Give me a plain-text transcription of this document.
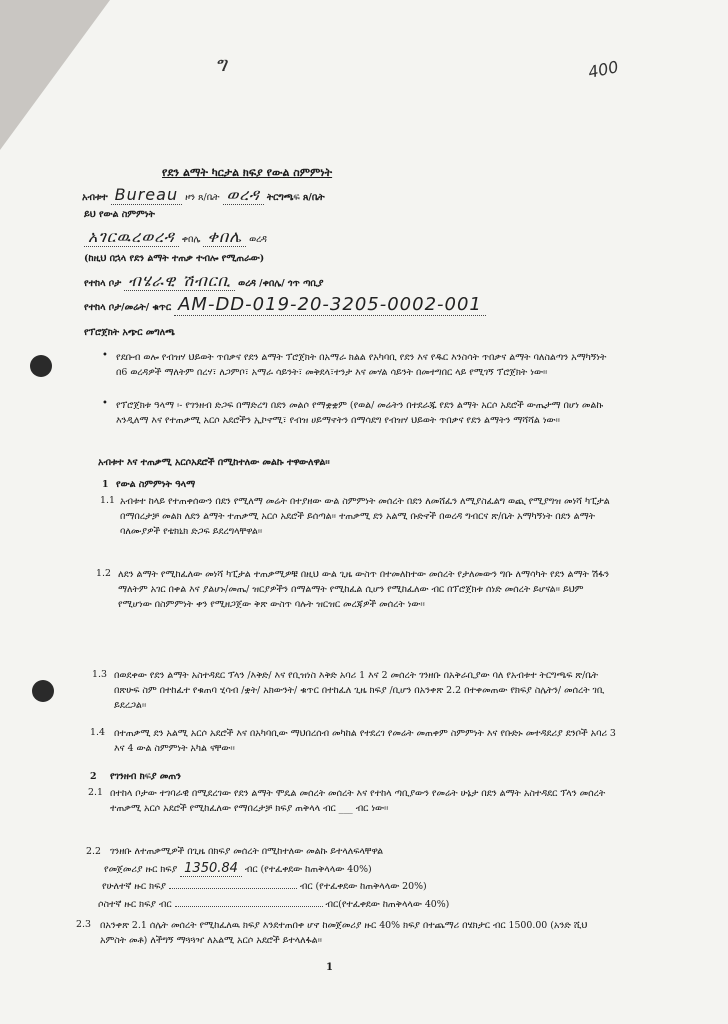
ግ	400
የደን ልማት ካርታል ክፍያ የውል ስምምነት
አብቱተ Bureau ዞን ጸ/ቤት ወረዳ ትርግጫፍ ጸ/ቤት
ይህ የውል ስምምነት
አገርዉረወረዳ ቀበሌ ቀበሌ ወረዳ
(ከዚህ በኋላ የደን ልማት ተጠቃ ተብሎ የሚጠራው)
የተከላ ቦታ ብሄራዊ ሽብርቢ ወረዳ /ቀበሌ/ ጎጥ ጣቢያ
የተከላ ቦታ/መሬት/ ቁጥር AM-DD-019-20-3205-0002-001
የፕሮጀክት አጭር መግለጫ
• የደቡብ ወሎ የብዝሃ ህይወት ጥበቃና የደን ልማት ፕሮጀክት በአማራ ክልል የአካባቢ የደን እና የዱር እንስሳት ጥበቃና ልማት ባለስልጣን አማካኝነት በ6 ወረዳዎች ማለትም በረሃ፣ ለጋምቦ፣ አማራ ሳይንት፣ መቅደላ፣ተንታ እና መሃል ሳይንት በመተግበር ላይ የሚገኝ ፕሮጀክት ነው፡፡
• የፕሮጀክቱ ዓላማ ፡- የገንዘብ ድጋፍ በማድረግ በደን መልሶ የማቋቋም (የወል/ መሬትን በተደራጁ የደን ልማት አርሶ አደሮች ውጤታማ በሆነ መልኩ እንዲለማ እና የተጠቃሚ አርሶ አደሮችን ኢኮኖሚ፣ የብዝ ሀይማኖትን በማሳደግ የብዝሃ ህይወት ጥበቃና የደን ልማትን ማሻሻል ነው፡፡
አብቱተ እና ተጠቃሚ አርሶአደሮች በሚከተለው መልኩ ተዋውለዋል፡፡
1 የውል ስምምነት ዓላማ
1.1 አብቱተ ከላይ የተጠቀሰውን በደን የሚለማ መሬት በተያዘው ውል ስምምነት መሰረት በደን ለመሸፈን ለሚያስፈልግ ወጪ የሚያግዝ መነሻ ካፒታል በማበረታቻ መልክ ለደን ልማት ተጠቃሚ አርሶ አደሮች ይሰጣል፡፡ ተጠቃሚ ደን አልሚ ቡድኖች በወረዳ ግብርና ጽ/ቤት አማካኝነት በደን ልማት ባለሙያዎች የቴክኒክ ድጋፍ ይደረግላቸዋል፡፡
1.2 ለደን ልማት የሚከፈለው መነሻ ካፒታል ተጠቃሚዎቹ በዚህ ውል ጊዜ ውስጥ በተመለከተው መሰረት የታለመውን ግቡ ለማሳካት የደን ልማት ሽፋን ማለትም አገር በቀል እና ያልሆኑ/መጤ/ ዝርያዎችን በማልማት የሚከፈል ሲሆን የሚከፈለው ብር በፕሮጀክቱ ሰነድ መሰረት ይሆናል፡፡ ይህም የሚሆነው በስምምነት ቀን የሚዘጋጀው ቅጽ ውስጥ ባሉት ዝርዝር መረጃዎች መሰረት ነው፡፡
1.3 በወደቀው የደን ልማት አስተዳደር ፕላን /እቅድ/ እና የቢዝነስ እቅድ አባሪ 1 እና 2 መሰረት ገንዘቡ በአቅራቢያው ባለ የአብቱተ ትርግጫፍ ጽ/ቤት በጽሁፍ ስም በተከፈተ የቁጠባ ሂሳብ /ቋት/ አክውንት/ ቁጥር በተከፈለ ጊዜ ክፍያ /ቢሆን በአንቀጽ 2.2 በተቀመጠው የክፍያ ስሌትን/ መሰረት ገቢ ይደረጋል፡፡
1.4 በተጠቃሚ ደን አልሚ አርሶ አደሮች እና በአካባቢው ማህበረሰብ መካከል የተደረገ የመሬት መጠቀም ስምምነት እና የቡድኑ መተዳደሪያ ደንቦች አባሪ 3 እና 4 ውል ስምምነት አካል ናቸው፡፡
2 የገንዘብ ክፍያ መጠን
2.1 በተከላ ቦታው ተገባራዊ በሚደረገው የደን ልማት ሞዴል መሰረት መሰረት እና የተከላ ጣቢያውን የመሬት ሁኔታ በደን ልማት አስተዳደር ፕላን መሰረት ተጠቃሚ አርሶ አደሮች የሚከፈለው የማበረታቻ ክፍያ ጠቅላላ ብር ___ ብር ነው፡፡
2.2 ገንዘቡ ለተጠቃሚዎች በጊዜ በክፍያ መሰረት በሚከተለው መልኩ ይተላለፍላቸዋል
የመጀመሪያ ዙር ክፍያ 1350.84 ብር (የተፈቀደው ከጠቅላላው 40%)
የሁለተኛ ዙር ክፍያ	ብር (የተፈቀደው ከጠቅላላው 20%)
ሶስተኛ ዙር ክፍያ ብር	ብር(የተፈቀደው ከጠቅላላው 40%)
2.3 በአንቀጽ 2.1 ሰሌት መሰረት የሚከፈለዉ ክፍያ እንደተጠበቀ ሆኖ ከመጀመሪያ ዙር 40% ክፍያ በተጨማሪ በሄክታር ብር 1500.00 (አንድ ሺህ አምስት መቶ) ለችግኝ ማጓጓዣ ለአልሚ አርሶ አደሮች ይተላለፋል፡፡
1
